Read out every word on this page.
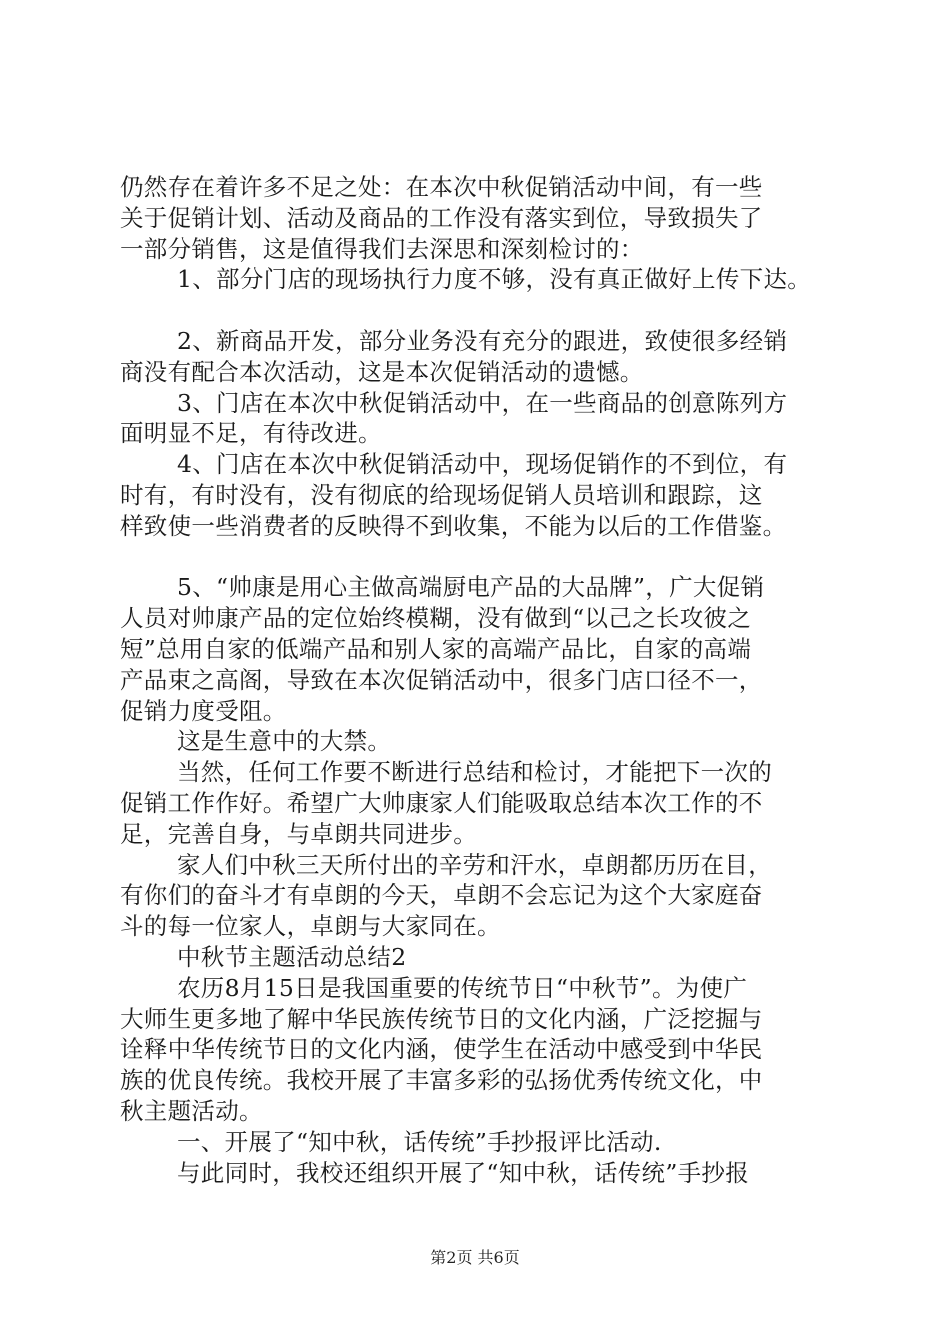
仍然存在着许多不足之处：在本次中秋促销活动中间，有一些
关于促销计划、活动及商品的工作没有落实到位，导致损失了
一部分销售，这是值得我们去深思和深刻检讨的：
1、部分门店的现场执行力度不够，没有真正做好上传下达。
2、新商品开发，部分业务没有充分的跟进，致使很多经销
商没有配合本次活动，这是本次促销活动的遗憾。
3、门店在本次中秋促销活动中，在一些商品的创意陈列方
面明显不足，有待改进。
4、门店在本次中秋促销活动中，现场促销作的不到位，有
时有，有时没有，没有彻底的给现场促销人员培训和跟踪，这
样致使一些消费者的反映得不到收集，不能为以后的工作借鉴。
5、“帅康是用心主做高端厨电产品的大品牌”，广大促销
人员对帅康产品的定位始终模糊，没有做到“以己之长攻彼之
短”总用自家的低端产品和别人家的高端产品比，自家的高端
产品束之高阁，导致在本次促销活动中，很多门店口径不一，
促销力度受阻。
这是生意中的大禁。
当然，任何工作要不断进行总结和检讨，才能把下一次的
促销工作作好。希望广大帅康家人们能吸取总结本次工作的不
足，完善自身，与卓朗共同进步。
家人们中秋三天所付出的辛劳和汗水，卓朗都历历在目，
有你们的奋斗才有卓朗的今天，卓朗不会忘记为这个大家庭奋
斗的每一位家人，卓朗与大家同在。
中秋节主题活动总结2
农历8月15日是我国重要的传统节日“中秋节”。为使广
大师生更多地了解中华民族传统节日的文化内涵，广泛挖掘与
诠释中华传统节日的文化内涵，使学生在活动中感受到中华民
族的优良传统。我校开展了丰富多彩的弘扬优秀传统文化，中
秋主题活动。
一、开展了“知中秋，话传统”手抄报评比活动.
与此同时，我校还组织开展了“知中秋，话传统”手抄报
第2页 共6页
